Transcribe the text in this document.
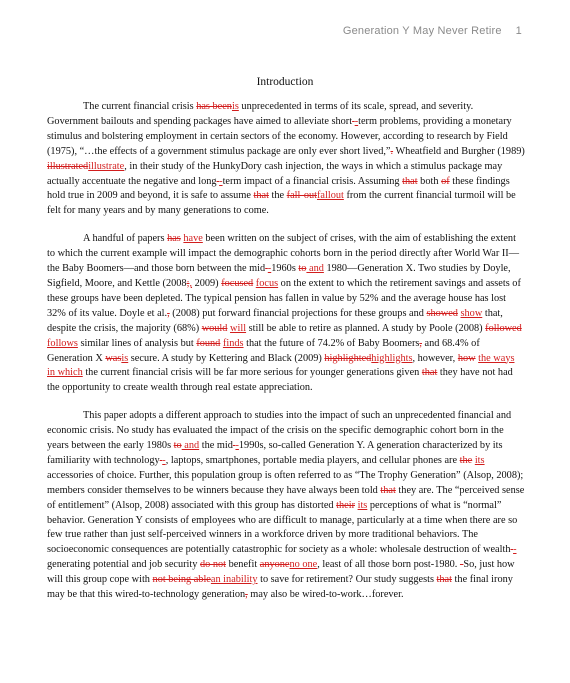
Generation Y May Never Retire 1
Introduction

The current financial crisis has beenis unprecedented in terms of its scale, spread, and severity. Government bailouts and spending packages have aimed to alleviate short -term problems, providing a monetary stimulus and bolstering employment in certain sectors of the economy. However, according to research by Field (1975), “…the effects of a government stimulus package are only ever short lived,”. Wheatfield and Burgher (1989) illustratedillustrate, in their study of the HunkyDory cash injection, the ways in which a stimulus package may actually accentuate the negative and long -term impact of a financial crisis. Assuming that both of these findings hold true in 2009 and beyond, it is safe to assume that the fall-outfallout from the current financial turmoil will be felt for many years and by many generations to come.

A handful of papers has have been written on the subject of crises, with the aim of establishing the extent to which the current example will impact the demographic cohorts born in the period directly after World War II—the Baby Boomers—and those born between the mid -1960s to and 1980—Generation X. Two studies by Doyle, Sigfield, Moore, and Kettle (2008;, 2009) focused focus on the extent to which the retirement savings and assets of these groups have been depleted. The typical pension has fallen in value by 52% and the average house has lost 32% of its value. Doyle et al., (2008) put forward financial projections for these groups and showed show that, despite the crisis, the majority (68%) would will still be able to retire as planned. A study by Poole (2008) followed follows similar lines of analysis but found finds that the future of 74.2% of Baby Boomers, and 68.4% of Generation X wasis secure. A study by Kettering and Black (2009) highlightedhighlights, however, how the ways in which the current financial crisis will be far more serious for younger generations given that they have not had the opportunity to create wealth through real estate appreciation.

This paper adopts a different approach to studies into the impact of such an unprecedented financial and economic crisis. No study has evaluated the impact of the crisis on the specific demographic cohort born in the years between the early 1980s to and the mid -1990s, so-called Generation Y. A generation characterized by its familiarity with technology -, laptops, smartphones, portable media players, and cellular phones are the its accessories of choice. Further, this population group is often referred to as “The Trophy Generation” (Alsop, 2008); members consider themselves to be winners because they have always been told that they are. The “perceived sense of entitlement” (Alsop, 2008) associated with this group has distorted their its perceptions of what is “normal” behavior. Generation Y consists of employees who are difficult to manage, particularly at a time when there are so few true rather than just self-perceived winners in a workforce driven by more traditional behaviors. The socioeconomic consequences are potentially catastrophic for society as a whole: wholesale destruction of wealth - generating potential and job security do not benefit anyoneno one, least of all those born post-1980. -So, just how will this group cope with not being ablean inability to save for retirement? Our study suggests that the final irony may be that this wired-to-technology generation, may also be wired-to-work…forever.
